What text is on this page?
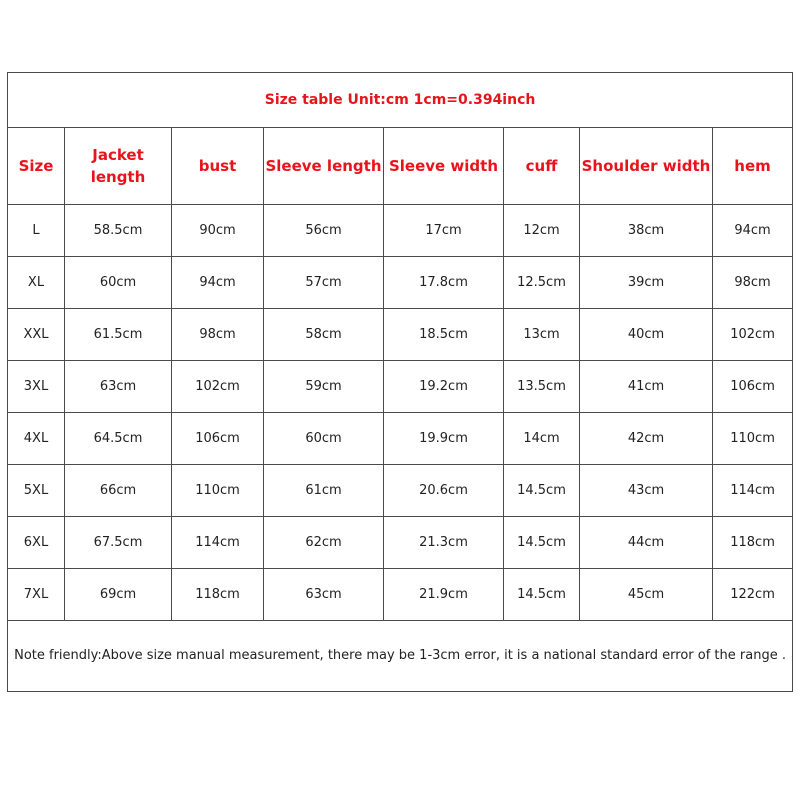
Size table Unit:cm 1cm=0.394inch							
Size	Jacket length	bust	Sleeve length	Sleeve width	cuff	Shoulder width	hem
L	58.5cm	90cm	56cm	17cm	12cm	38cm	94cm
XL	60cm	94cm	57cm	17.8cm	12.5cm	39cm	98cm
XXL	61.5cm	98cm	58cm	18.5cm	13cm	40cm	102cm
3XL	63cm	102cm	59cm	19.2cm	13.5cm	41cm	106cm
4XL	64.5cm	106cm	60cm	19.9cm	14cm	42cm	110cm
5XL	66cm	110cm	61cm	20.6cm	14.5cm	43cm	114cm
6XL	67.5cm	114cm	62cm	21.3cm	14.5cm	44cm	118cm
7XL	69cm	118cm	63cm	21.9cm	14.5cm	45cm	122cm
Note friendly:Above size manual measurement, there may be 1-3cm error, it is a national standard error of the range .							
